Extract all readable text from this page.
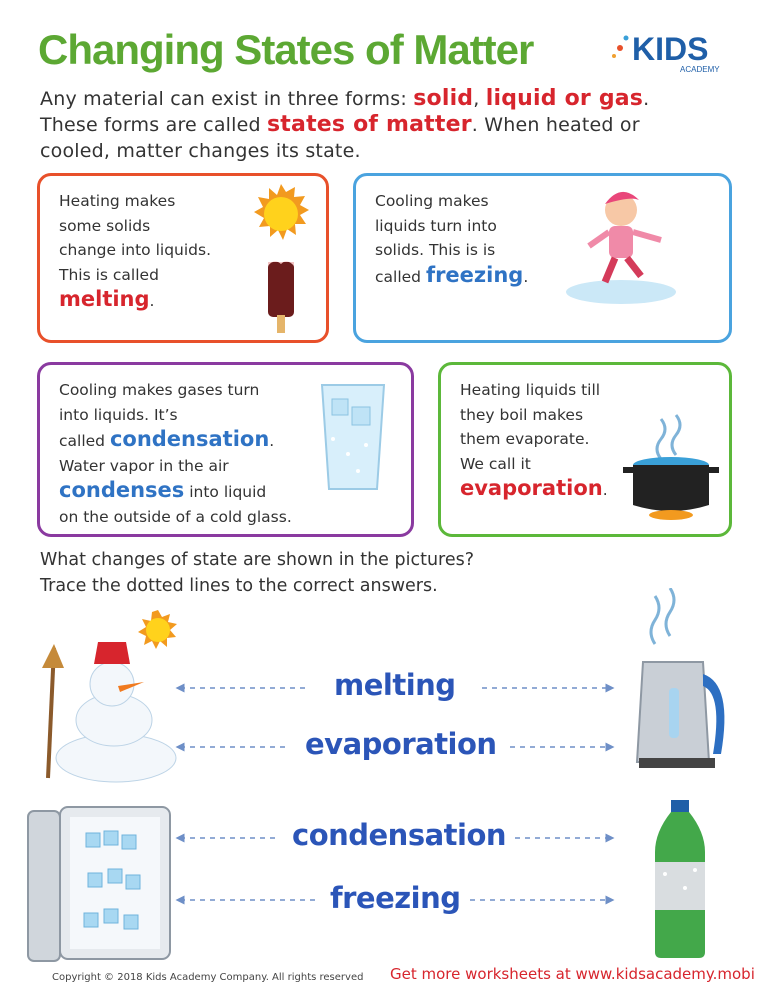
Changing States of Matter	KIDS
ACADEMY
Any material can exist in three forms: solid, liquid or gas.
These forms are called states of matter. When heated or
cooled, matter changes its state.
Heating makes
some solids
change into liquids.
This is called
melting.
Cooling makes
liquids turn into
solids. This is is
called freezing.
Cooling makes gases turn
into liquids. It’s
called condensation.
Water vapor in the air
condenses into liquid
on the outside of a cold glass.
Heating liquids till
they boil makes
them evaporate.
We call it
evaporation.
What changes of state are shown in the pictures?
Trace the dotted lines to the correct answers.
melting
evaporation
condensation
freezing
Copyright © 2018 Kids Academy Company. All rights reserved Get more worksheets at www.kidsacademy.mobi
